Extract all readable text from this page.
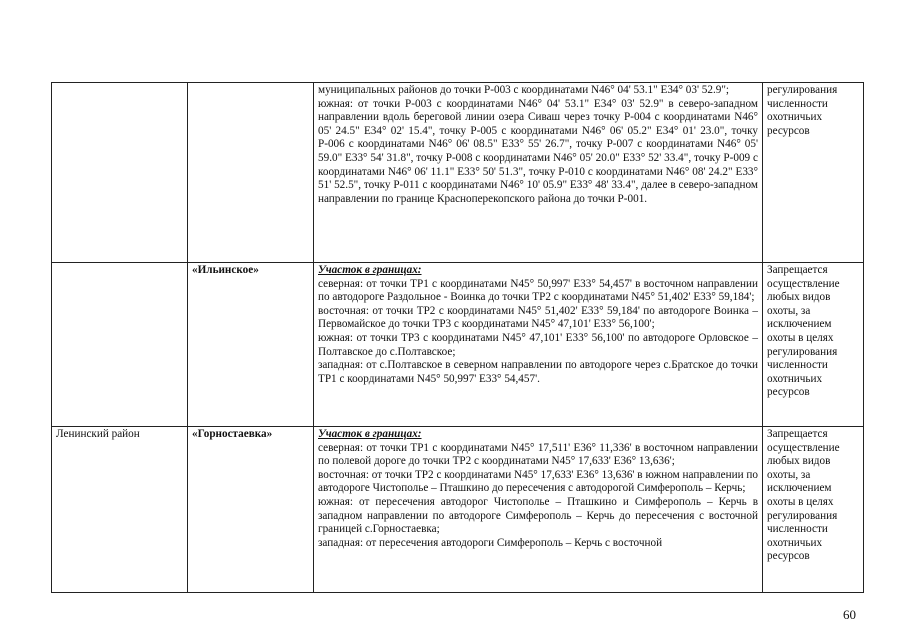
		муниципальных районов до точки Р-003 с координатами N46° 04' 53.1" E34° 03' 52.9";
южная: от точки Р-003 с координатами N46° 04' 53.1" E34° 03' 52.9" в северо-западном направлении вдоль береговой линии озера Сиваш через точку Р-004 с координатами N46° 05' 24.5" E34° 02' 15.4", точку Р-005 с координатами N46° 06' 05.2" E34° 01' 23.0", точку Р-006 с координатами N46° 06' 08.5" E33° 55' 26.7", точку Р-007 с координатами N46° 05' 59.0" E33° 54' 31.8", точку Р-008 с координатами N46° 05' 20.0" E33° 52' 33.4", точку Р-009 с координатами N46° 06' 11.1" E33° 50' 51.3", точку Р-010 с координатами N46° 08' 24.2" E33° 51' 52.5", точку Р-011 с координатами N46° 10' 05.9" E33° 48' 33.4", далее в северо-западном направлении по границе Красноперекопского района до точки Р-001.	регулирования численности охотничьих ресурсов
	«Ильинское»	Участок в границах:
северная: от точки ТР1 с координатами N45° 50,997' E33° 54,457' в восточном направлении по автодороге Раздольное - Воинка до точки ТР2 с координатами N45° 51,402' E33° 59,184';
восточная: от точки ТР2 с координатами N45° 51,402' E33° 59,184' по автодороге Воинка – Первомайское до точки ТР3 с координатами N45° 47,101' E33° 56,100';
южная: от точки ТР3 с координатами N45° 47,101' E33° 56,100' по автодороге Орловское – Полтавское до с.Полтавское;
западная: от с.Полтавское в северном направлении по автодороге через с.Братское до точки ТР1 с координатами N45° 50,997' E33° 54,457'.	Запрещается осуществление любых видов охоты, за исключением охоты в целях регулирования численности охотничьих ресурсов
Ленинский район	«Горностаевка»	Участок в границах:
северная: от точки ТР1 с координатами N45° 17,511' E36° 11,336' в восточном направлении по полевой дороге до точки ТР2 с координатами N45° 17,633' E36° 13,636';
восточная: от точки ТР2 с координатами N45° 17,633' E36° 13,636' в южном направлении по автодороге Чистополье – Пташкино до пересечения с автодорогой Симферополь – Керчь;
южная: от пересечения автодорог Чистополье – Пташкино и Симферополь – Керчь в западном направлении по автодороге Симферополь – Керчь до пересечения с восточной границей с.Горностаевка;
западная: от пересечения автодороги Симферополь – Керчь с восточной	Запрещается осуществление любых видов охоты, за исключением охоты в целях регулирования численности охотничьих ресурсов
60
